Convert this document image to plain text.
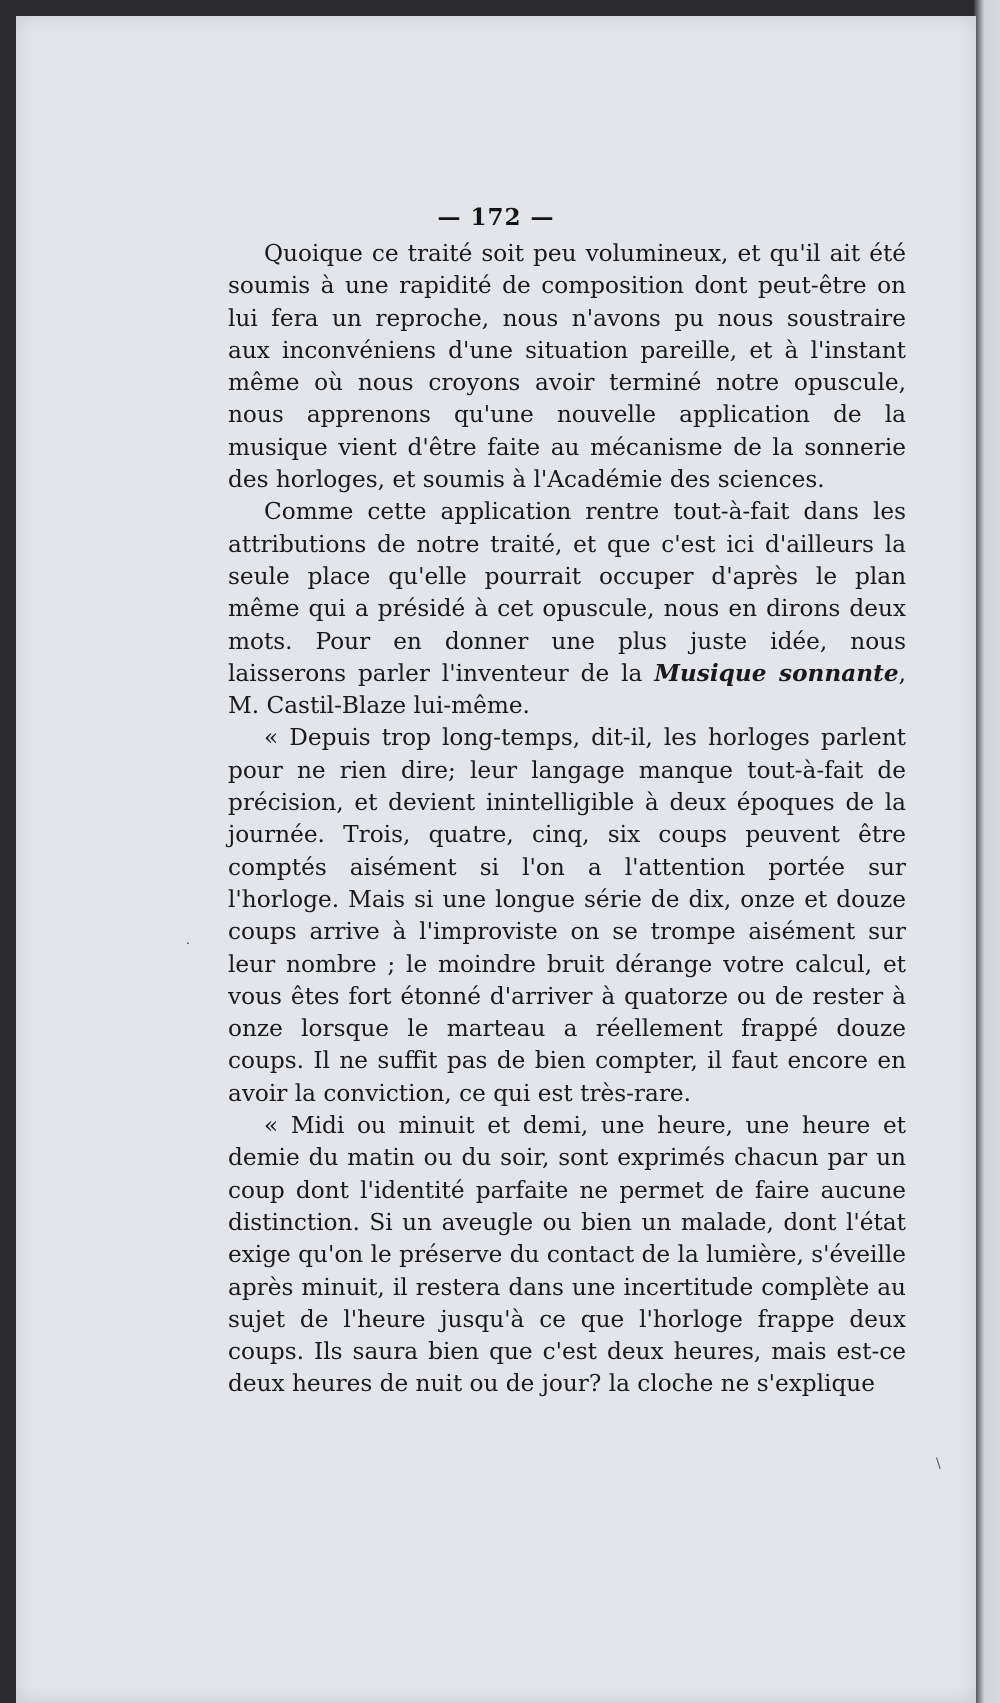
— 172 —

Quoique ce traité soit peu volumineux, et qu'il ait été soumis à une rapidité de composition dont peut-être on lui fera un reproche, nous n'avons pu nous soustraire aux inconvéniens d'une situation pareille, et à l'instant même où nous croyons avoir terminé notre opuscule, nous apprenons qu'une nouvelle application de la musique vient d'être faite au mécanisme de la sonnerie des horloges, et soumis à l'Académie des sciences.

Comme cette application rentre tout-à-fait dans les attributions de notre traité, et que c'est ici d'ailleurs la seule place qu'elle pourrait occuper d'après le plan même qui a présidé à cet opuscule, nous en dirons deux mots. Pour en donner une plus juste idée, nous laisserons parler l'inventeur de la Musique sonnante, M. Castil-Blaze lui-même.

« Depuis trop long-temps, dit-il, les horloges parlent pour ne rien dire; leur langage manque tout-à-fait de précision, et devient inintelligible à deux époques de la journée. Trois, quatre, cinq, six coups peuvent être comptés aisément si l'on a l'attention portée sur l'horloge. Mais si une longue série de dix, onze et douze coups arrive à l'improviste on se trompe aisément sur leur nombre ; le moindre bruit dérange votre calcul, et vous êtes fort étonné d'arriver à quatorze ou de rester à onze lorsque le marteau a réellement frappé douze coups. Il ne suffit pas de bien compter, il faut encore en avoir la conviction, ce qui est très-rare.

« Midi ou minuit et demi, une heure, une heure et demie du matin ou du soir, sont exprimés chacun par un coup dont l'identité parfaite ne permet de faire aucune distinction. Si un aveugle ou bien un malade, dont l'état exige qu'on le préserve du contact de la lumière, s'éveille après minuit, il restera dans une incertitude complète au sujet de l'heure jusqu'à ce que l'horloge frappe deux coups. Ils saura bien que c'est deux heures, mais est-ce deux heures de nuit ou de jour? la cloche ne s'explique

⸱
\
